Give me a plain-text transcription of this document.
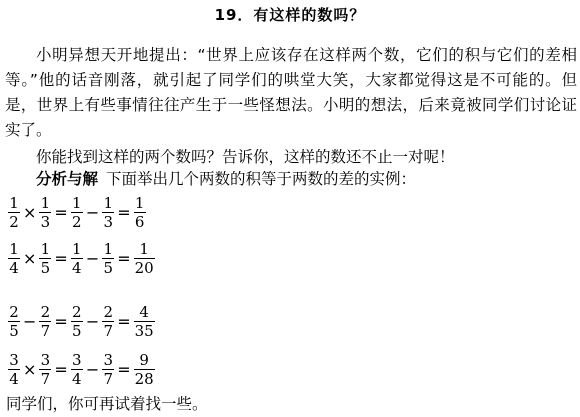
19．有这样的数吗？
小明异想天开地提出：“世界上应该存在这样两个数，它们的积与它们的差相等。”他的话音刚落，就引起了同学们的哄堂大笑，大家都觉得这是不可能的。但是，世界上有些事情往往产生于一些怪想法。小明的想法，后来竟被同学们讨论证实了。
你能找到这样的两个数吗？告诉你，这样的数还不止一对呢！
分析与解 下面举出几个两数的积等于两数的差的实例：
$\frac{1}{2} \times \frac{1}{3} = \frac{1}{2} - \frac{1}{3} = \frac{1}{6}$
$\frac{1}{4} \times \frac{1}{5} = \frac{1}{4} - \frac{1}{5} = \frac{1}{20}$
$\frac{2}{5} - \frac{2}{7} = \frac{2}{5} - \frac{2}{7} = \frac{4}{35}$
$\frac{3}{4} \times \frac{3}{7} = \frac{3}{4} - \frac{3}{7} = \frac{9}{28}$
同学们，你可再试着找一些。
